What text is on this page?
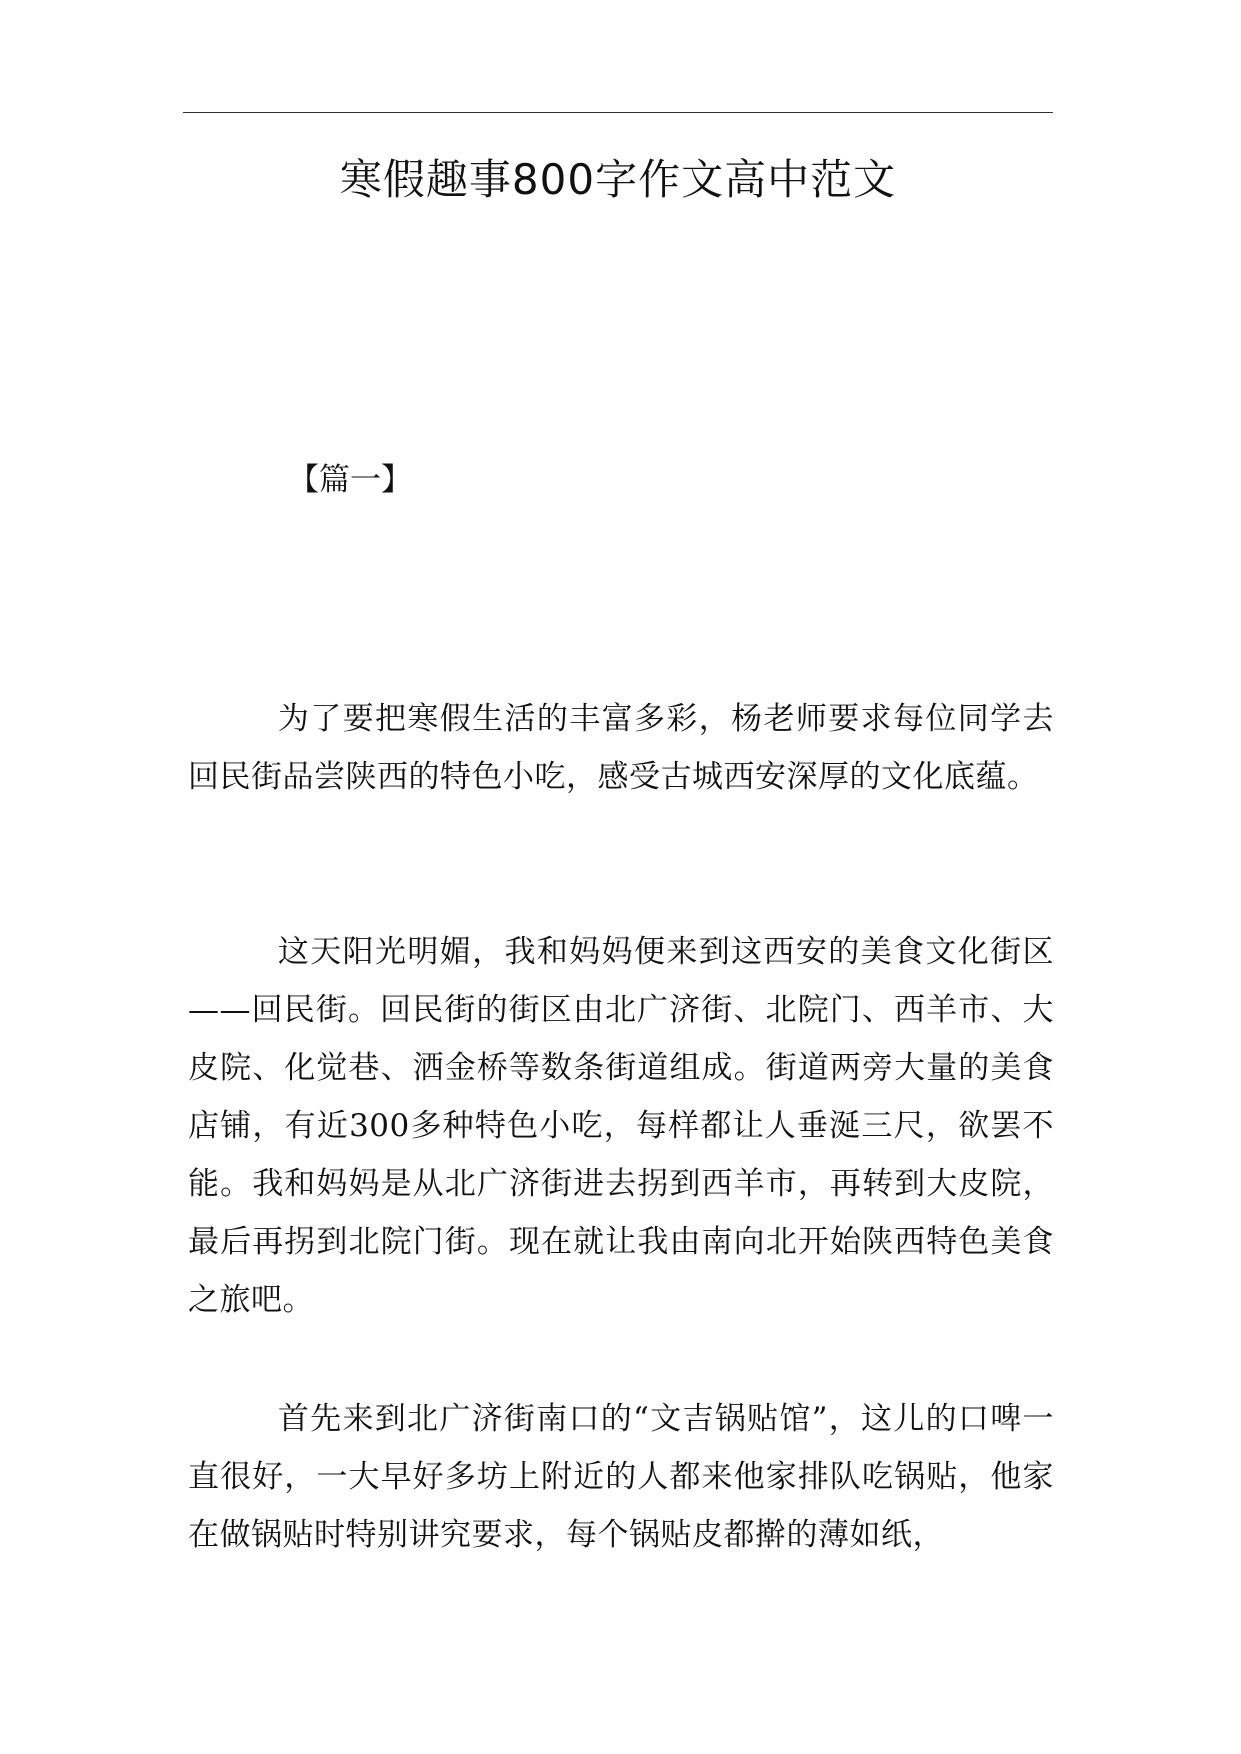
寒假趣事800字作文高中范文

【篇一】

为了要把寒假生活的丰富多彩，杨老师要求每位同学去回民街品尝陕西的特色小吃，感受古城西安深厚的文化底蕴。

这天阳光明媚，我和妈妈便来到这西安的美食文化街区——回民街。回民街的街区由北广济街、北院门、西羊市、大皮院、化觉巷、洒金桥等数条街道组成。街道两旁大量的美食店铺，有近300多种特色小吃，每样都让人垂涎三尺，欲罢不能。我和妈妈是从北广济街进去拐到西羊市，再转到大皮院，最后再拐到北院门街。现在就让我由南向北开始陕西特色美食之旅吧。

首先来到北广济街南口的“文吉锅贴馆”，这儿的口啤一直很好，一大早好多坊上附近的人都来他家排队吃锅贴，他家在做锅贴时特别讲究要求，每个锅贴皮都擀的薄如纸，
